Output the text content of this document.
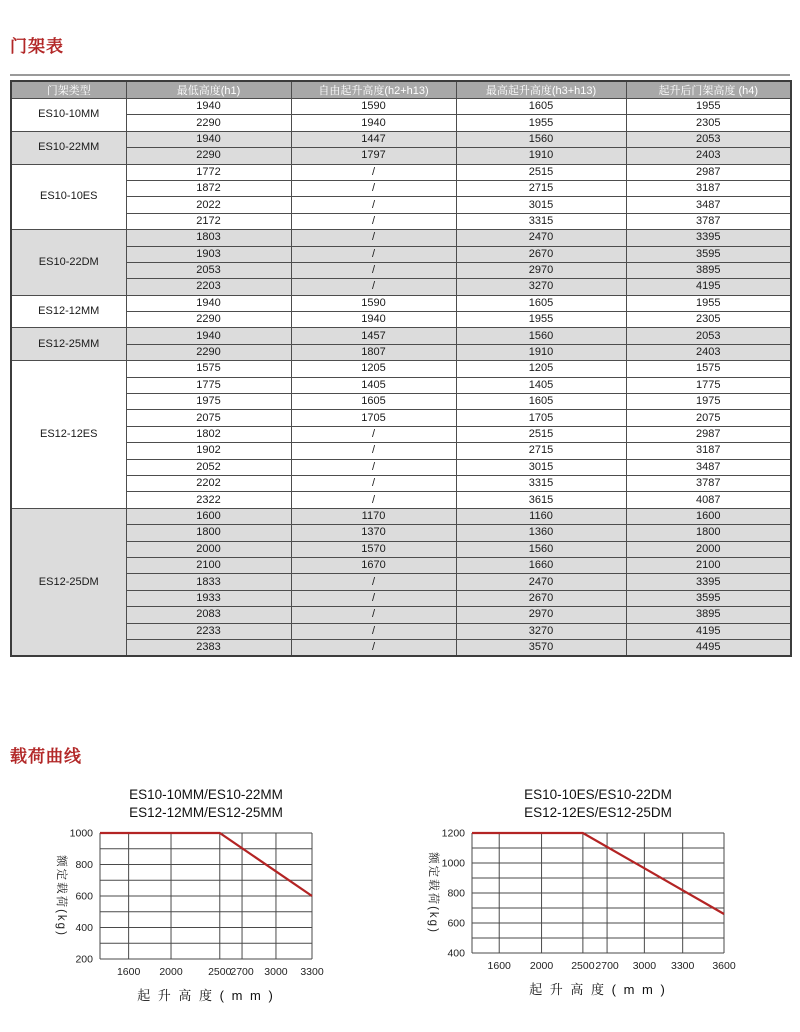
门架表
门架类型	最低高度(h1)	自由起升高度(h2+h13)	最高起升高度(h3+h13)	起升后门架高度 (h4)
ES10-10MM	1940	1590	1605	1955
	2290	1940	1955	2305
ES10-22MM	1940	1447	1560	2053
	2290	1797	1910	2403
ES10-10ES	1772	/	2515	2987
	1872	/	2715	3187
	2022	/	3015	3487
	2172	/	3315	3787
ES10-22DM	1803	/	2470	3395
	1903	/	2670	3595
	2053	/	2970	3895
	2203	/	3270	4195
ES12-12MM	1940	1590	1605	1955
	2290	1940	1955	2305
ES12-25MM	1940	1457	1560	2053
	2290	1807	1910	2403
ES12-12ES	1575	1205	1205	1575
	1775	1405	1405	1775
	1975	1605	1605	1975
	2075	1705	1705	2075
	1802	/	2515	2987
	1902	/	2715	3187
	2052	/	3015	3487
	2202	/	3315	3787
	2322	/	3615	4087
ES12-25DM	1600	1170	1160	1600
	1800	1370	1360	1800
	2000	1570	1560	2000
	2100	1670	1660	2100
	1833	/	2470	3395
	1933	/	2670	3595
	2083	/	2970	3895
	2233	/	3270	4195
	2383	/	3570	4495
载荷曲线
ES10-10MM/ES10-22MM
ES12-12MM/ES12-25MM
1600 2000 2500
2700 3000 3300
200
400
600
800
1000
额定载荷(kg)
起 升 高 度 ( m m )
ES10-10ES/ES10-22DM
ES12-12ES/ES12-25DM
1600 2000 2500 2700 3000 3300 3600
400
600
800
1000
1200
额定载荷(kg)
起 升 高 度 ( m m )
